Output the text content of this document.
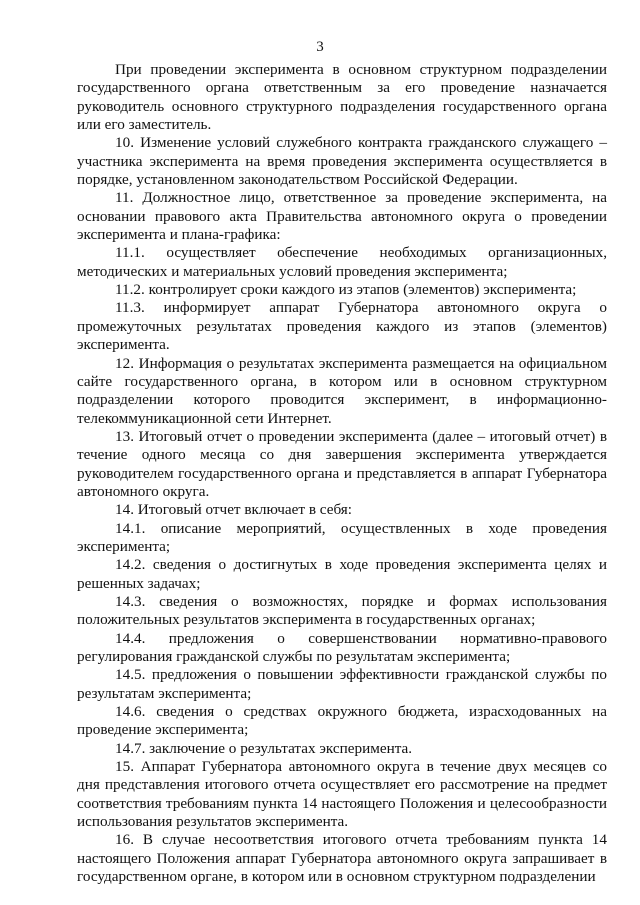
3

При проведении эксперимента в основном структурном подразделении государственного органа ответственным за его проведение назначается руководитель основного структурного подразделения государственного органа или его заместитель.

10. Изменение условий служебного контракта гражданского служащего – участника эксперимента на время проведения эксперимента осуществляется в порядке, установленном законодательством Российской Федерации.

11. Должностное лицо, ответственное за проведение эксперимента, на основании правового акта Правительства автономного округа о проведении эксперимента и плана-графика:

11.1. осуществляет обеспечение необходимых организационных, методических и материальных условий проведения эксперимента;

11.2. контролирует сроки каждого из этапов (элементов) эксперимента;

11.3. информирует аппарат Губернатора автономного округа о промежуточных результатах проведения каждого из этапов (элементов) эксперимента.

12. Информация о результатах эксперимента размещается на официальном сайте государственного органа, в котором или в основном структурном подразделении которого проводится эксперимент, в информационно-телекоммуникационной сети Интернет.

13. Итоговый отчет о проведении эксперимента (далее – итоговый отчет) в течение одного месяца со дня завершения эксперимента утверждается руководителем государственного органа и представляется в аппарат Губернатора автономного округа.

14. Итоговый отчет включает в себя:

14.1. описание мероприятий, осуществленных в ходе проведения эксперимента;

14.2. сведения о достигнутых в ходе проведения эксперимента целях и решенных задачах;

14.3. сведения о возможностях, порядке и формах использования положительных результатов эксперимента в государственных органах;

14.4. предложения о совершенствовании нормативно-правового регулирования гражданской службы по результатам эксперимента;

14.5. предложения о повышении эффективности гражданской службы по результатам эксперимента;

14.6. сведения о средствах окружного бюджета, израсходованных на проведение эксперимента;

14.7. заключение о результатах эксперимента.

15. Аппарат Губернатора автономного округа в течение двух месяцев со дня представления итогового отчета осуществляет его рассмотрение на предмет соответствия требованиям пункта 14 настоящего Положения и целесообразности использования результатов эксперимента.

16. В случае несоответствия итогового отчета требованиям пункта 14 настоящего Положения аппарат Губернатора автономного округа запрашивает в государственном органе, в котором или в основном структурном подразделении
